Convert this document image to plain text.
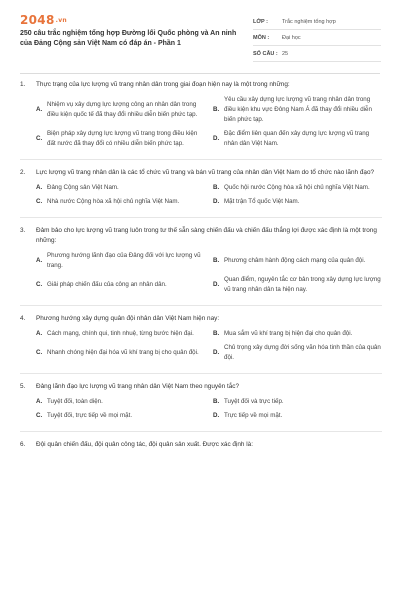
2048.vn
250 câu trắc nghiệm tổng hợp Đường lối Quốc phòng và An ninh của Đảng Cộng sản Việt Nam có đáp án - Phần 1
LỚP :	Trắc nghiệm tổng hợp
MÔN :	Đại học
SỐ CÂU : 25
1.	Thực trạng của lực lượng vũ trang nhân dân trong giai đoạn hiện nay là một trong những:
A.
Nhiệm vụ xây dựng lực lượng công an nhân dân trong điều kiện quốc tế đã thay đổi nhiều diễn biến phức tạp.
B.
Yêu cầu xây dựng lực lượng vũ trang nhân dân trong điều kiện khu vực Đông Nam Á đã thay đổi nhiều diễn biến phức tạp.
C.
Biện pháp xây dựng lực lượng vũ trang trong điều kiện đất nước đã thay đổi có nhiều diễn biến phức tạp.
D.
Đặc điểm liên quan đến xây dựng lực lượng vũ trang nhân dân Việt Nam.
2.	Lực lượng vũ trang nhân dân là các tổ chức vũ trang và bán vũ trang của nhân dân Việt Nam do tổ chức nào lãnh đạo?
A. Đảng Cộng sản Việt Nam.	B. Quốc hội nước Cộng hòa xã hội chủ nghĩa Việt Nam.
C. Nhà nước Cộng hòa xã hội chủ nghĩa Việt Nam.	D. Mặt trận Tổ quốc Việt Nam.
3.	Đảm bảo cho lực lượng vũ trang luôn trong tư thế sẵn sàng chiến đấu và chiến đấu thắng lợi được xác định là một trong những:
A.
Phương hướng lãnh đạo của Đảng đối với lực lượng vũ trang.
B. Phương châm hành động cách mạng của quân đội.
C. Giải pháp chiến đấu của công an nhân dân.	D.
Quan điểm, nguyên tắc cơ bản trong xây dựng lực lượng vũ trang nhân dân ta hiện nay.
4.	Phương hướng xây dựng quân đội nhân dân Việt Nam hiện nay:
A. Cách mạng, chính qui, tinh nhuệ, từng bước hiện đại.	B. Mua sắm vũ khí trang bị hiện đại cho quân đội.
C. Nhanh chóng hiện đại hóa vũ khí trang bị cho quân đội.	D.
Chủ trọng xây dựng đời sống văn hóa tinh thần của quân đội.
5.	Đảng lãnh đạo lực lượng vũ trang nhân dân Việt Nam theo nguyên tắc?
A. Tuyệt đối, toàn diện.	B. Tuyệt đối và trực tiếp.
C. Tuyệt đối, trực tiếp về mọi mặt.	D. Trực tiếp về mọi mặt.
6.	Đội quân chiến đấu, đội quân công tác, đội quân sản xuất. Được xác định là:
